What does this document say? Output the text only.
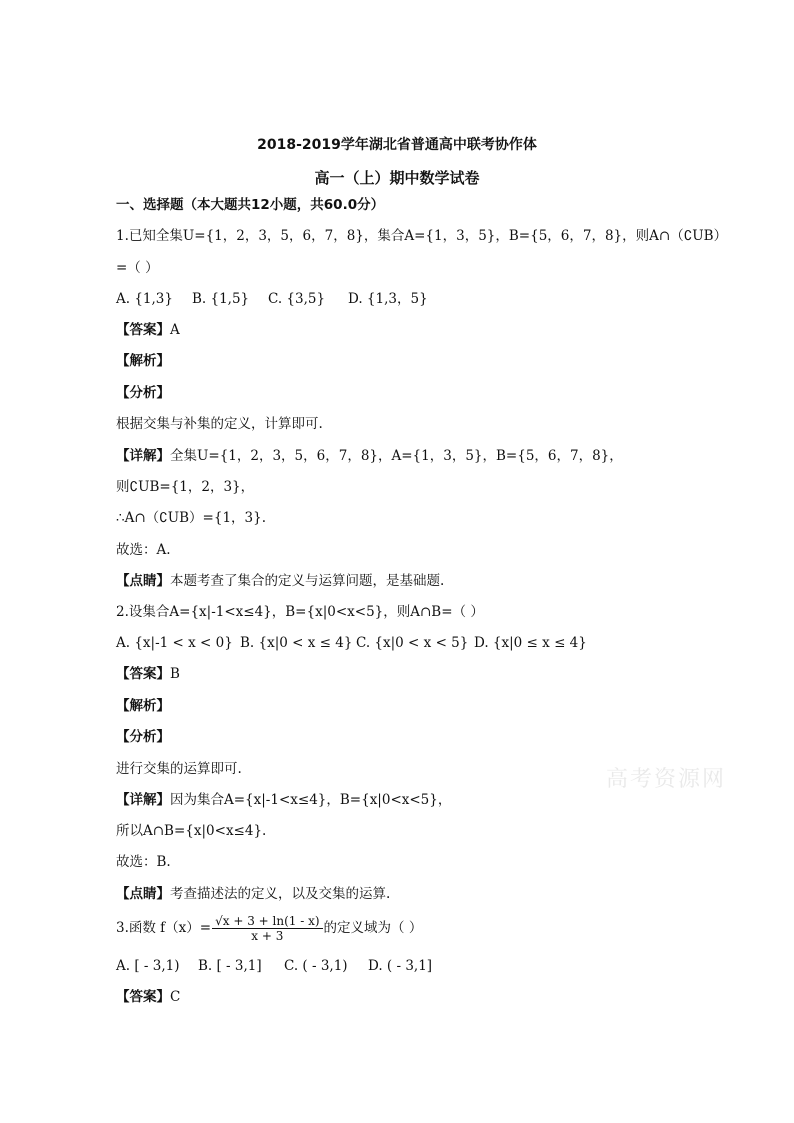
2018-2019学年湖北省普通高中联考协作体
高一（上）期中数学试卷
一、选择题（本大题共12小题，共60.0分）
1.已知全集U={1，2，3，5，6，7，8}，集合A={1，3，5}，B={5，6，7，8}，则A∩（∁UB）
=（ ）
A. {1,3} B. {1,5} C. {3,5} D. {1,3，5}
【答案】A
【解析】
【分析】
根据交集与补集的定义，计算即可.
【详解】全集U={1，2，3，5，6，7，8}，A={1，3，5}，B={5，6，7，8}，
则∁UB={1，2，3}，
∴A∩（∁UB）={1，3}.
故选：A.
【点睛】本题考查了集合的定义与运算问题，是基础题.
2.设集合A={x|-1<x≤4}，B={x|0<x<5}，则A∩B=（ ）
A. {x|-1 < x < 0} B. {x|0 < x ≤ 4} C. {x|0 < x < 5} D. {x|0 ≤ x ≤ 4}
【答案】B
【解析】
【分析】
进行交集的运算即可.
【详解】因为集合A={x|-1<x≤4}，B={x|0<x<5}，
所以A∩B={x|0<x≤4}.
故选：B.
【点睛】考查描述法的定义，以及交集的运算.
3.函数 $f(x)= \frac{√x + 3 + \ln(1 - x)}{x + 3}$ 的定义域为（ ）
A. [ - 3,1) B. [ - 3,1] C. ( - 3,1) D. ( - 3,1]
【答案】C
高考资源网
